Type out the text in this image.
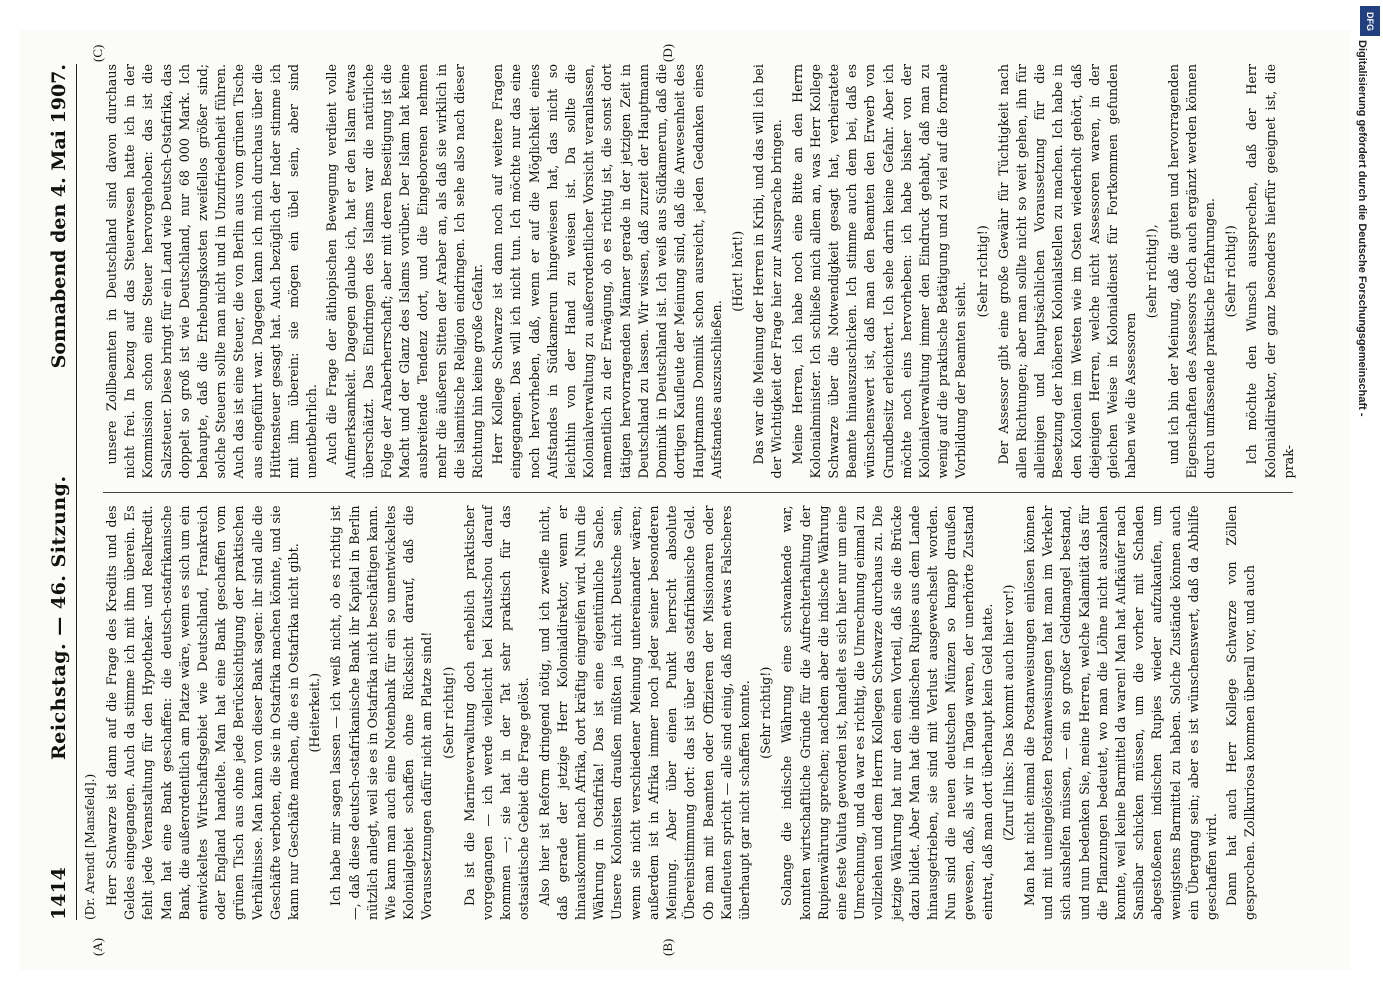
1414
Reichstag. — 46. Sitzung.
Sonnabend den 4. Mai 1907.
(Dr. Arendt [Mansfeld].) Herr Schwarze ist dann auf die Frage des Kredits und des Geldes eingegangen. Auch da stimme ich mit ihm überein. Es fehlt jede Veranstaltung für den Hypothekar- und Realkredit. Man hat eine Bank geschaffen: die deutsch-ostafrikanische Bank, die außerordentlich am Platze wäre, wenn es sich um ein entwickeltes Wirtschaftsgebiet wie Deutschland, Frankreich oder England handelte. Man hat eine Bank geschaffen vom grünen Tisch aus ohne jede Berücksichtigung der praktischen Verhältnisse. Man kann von dieser Bank sagen: ihr sind alle die Geschäfte verboten, die sie in Ostafrika machen könnte, und sie kann nur Geschäfte machen, die es in Ostafrika nicht gibt. (Heiterkeit.) Ich habe mir sagen lassen — ich weiß nicht, ob es richtig ist —, daß diese deutsch-ostafrikanische Bank ihr Kapital in Berlin nützlich anlegt, weil sie es in Ostafrika nicht beschäftigen kann. Wie kann man auch eine Notenbank für ein so unentwickeltes Kolonialgebiet schaffen ohne Rücksicht darauf, daß die Voraussetzungen dafür nicht am Platze sind! (Sehr richtig!) Da ist die Marineverwaltung doch erheblich praktischer vorgegangen — ich werde vielleicht bei Kiautschou darauf kommen —; sie hat in der Tat sehr praktisch für das ostasiatische Gebiet die Frage gelöst. Also hier ist Reform dringend nötig, und ich zweifle nicht, daß gerade der jetzige Herr Kolonialdirektor, wenn er hinauskommt nach Afrika, dort kräftig eingreifen wird. Nun die Währung in Ostafrika! Das ist eine eigentümliche Sache. Unsere Kolonisten draußen müßten ja nicht Deutsche sein, wenn sie nicht verschiedener Meinung untereinander wären; außerdem ist in Afrika immer noch jeder seiner besonderen Meinung. Aber über einen Punkt herrscht absolute Übereinstimmung dort: das ist über das ostafrikanische Geld. Ob man mit Beamten oder Offizieren der Missionaren oder Kaufleuten spricht — alle sind einig, daß man etwas Falscheres überhaupt gar nicht schaffen konnte. (Sehr richtig!) Solange die indische Währung eine schwankende war, konnten wirtschaftliche Gründe für die Aufrechterhaltung der Rupienwährung sprechen; nachdem aber die indische Währung eine feste Valuta geworden ist, handelt es sich hier nur um eine Umrechnung, und da war es richtig, die Umrechnung einmal zu vollziehen und dem Herrn Kollegen Schwarze durchaus zu. Die jetzige Währung hat nur den einen Vorteil, daß sie die Brücke dazu bildet. Aber Man hat die indischen Rupies aus dem Lande hinausgetrieben, sie sind mit Verlust ausgewechselt worden. Nun sind die neuen deutschen Münzen so knapp draußen gewesen, daß, als wir in Tanga waren, der unerhörte Zustand eintrat, daß man dort überhaupt kein Geld hatte. (Zuruf links: Das kommt auch hier vor!) Man hat nicht einmal die Postanweisungen einlösen können und mit uneingelösten Postanweisungen hat man im Verkehr sich aushelfen müssen, — ein so großer Geldmangel bestand, und nun bedenken Sie, meine Herren, welche Kalamität das für die Pflanzungen bedeutet, wo man die Löhne nicht auszahlen konnte, weil keine Barmittel da waren! Man hat Aufkäufer nach Sansibar schicken müssen, um die vorher mit Schaden abgestoßenen indischen Rupies wieder aufzukaufen, um wenigstens Barmittel zu haben. Solche Zustände können auch ein Übergang sein; aber es ist wünschenswert, daß da Abhilfe geschaffen wird. Dann hat auch Herr Kollege Schwarze von Zöllen gesprochen. Zollkuriosa kommen überall vor, und auch

unsere Zollbeamten in Deutschland sind davon durchaus nicht frei. In bezug auf das Steuerwesen hatte ich in der Kommission schon eine Steuer hervorgehoben: das ist die Salzsteuer. Diese bringt für ein Land wie Deutsch-Ostafrika, das doppelt so groß ist wie Deutschland, nur 68 000 Mark. Ich behaupte, daß die Erhebungskosten zweifellos größer sind; solche Steuern sollte man nicht und in Unzufriedenheit führen. Auch das ist eine Steuer, die von Berlin aus vom grünen Tische aus eingeführt war. Dagegen kann ich mich durchaus über die Hüttensteuer gesagt hat. Auch bezüglich der Inder stimme ich mit ihm überein: sie mögen ein übel sein, aber sind unentbehrlich. Auch die Frage der äthiopischen Bewegung verdient volle Aufmerksamkeit. Dagegen glaube ich, hat er den Islam etwas überschätzt. Das Eindringen des Islams war die natürliche Folge der Araberherrschaft; aber mit deren Beseitigung ist die Macht und der Glanz des Islams vorüber. Der Islam hat keine ausbreitende Tendenz dort, und die Eingeborenen nehmen mehr die äußeren Sitten der Araber an, als daß sie wirklich in die islamitische Religion eindringen. Ich sehe also nach dieser Richtung hin keine große Gefahr. Herr Kollege Schwarze ist dann noch auf weitere Fragen eingegangen. Das will ich nicht tun. Ich möchte nur das eine noch hervorheben, daß, wenn er auf die Möglichkeit eines Aufstandes in Südkamerun hingewiesen hat, das nicht so leichthin von der Hand zu weisen ist. Da sollte die Kolonialverwaltung zu außerordentlicher Vorsicht veranlassen, namentlich zu der Erwägung, ob es richtig ist, die sonst dort tätigen hervorragenden Männer gerade in der jetzigen Zeit in Deutschland zu lassen. Wir wissen, daß zurzeit der Hauptmann Dominik in Deutschland ist. Ich weiß aus Südkamerun, daß die dortigen Kaufleute der Meinung sind, daß die Anwesenheit des Hauptmanns Dominik schon ausreicht, jeden Gedanken eines Aufstandes auszuschließen.

(Hört! hört!) Das war die Meinung der Herren in Kribi, und das will ich bei der Wichtigkeit der Frage hier zur Aussprache bringen. Meine Herren, ich habe noch eine Bitte an den Herrn Kolonialminister. Ich schließe mich allem an, was Herr Kollege Schwarze über die Notwendigkeit gesagt hat, verheiratete Beamte hinauszuschicken. Ich stimme auch dem bei, daß es wünschenswert ist, daß man den Beamten den Erwerb von Grundbesitz erleichtert. Ich sehe darin keine Gefahr. Aber ich möchte noch eins hervorheben: ich habe bisher von der Kolonialverwaltung immer den Eindruck gehabt, daß man zu wenig auf die praktische Betätigung und zu viel auf die formale Vorbildung der Beamten sieht.

(Sehr richtig!) Der Assessor gibt eine große Gewähr für Tüchtigkeit nach allen Richtungen; aber man sollte nicht so weit gehen, ihn für alleinigen und hauptsächlichen Voraussetzung für die Besetzung der höheren Kolonialstellen zu machen. Ich habe in den Kolonien im Westen wie im Osten wiederholt gehört, daß diejenigen Herren, welche nicht Assessoren waren, in der gleichen Weise in Kolonialdienst für Fortkommen gefunden haben wie die Assessoren

(sehr richtig!), und ich bin der Meinung, daß die guten und hervorragenden Eigenschaften des Assessors doch auch ergänzt werden können durch umfassende praktische Erfahrungen. (Sehr richtig!) Ich möchte den Wunsch aussprechen, daß der Herr Kolonialdirektor, der ganz besonders hierfür geeignet ist, die prak-

(A)	(B)
(C)	(D)
DFG
Digitalisierung gefördert durch die Deutsche Forschungsgemeinschaft -
